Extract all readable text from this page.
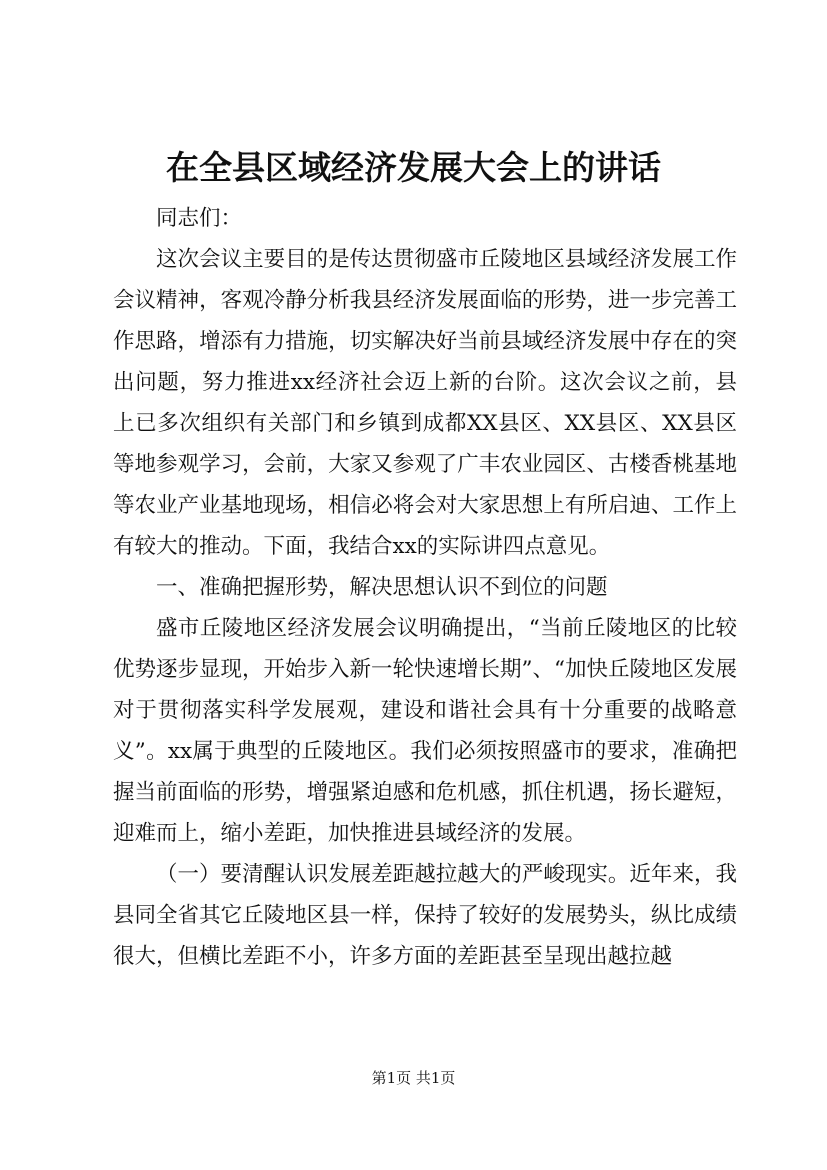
在全县区域经济发展大会上的讲话

同志们：

这次会议主要目的是传达贯彻盛市丘陵地区县域经济发展工作会议精神，客观冷静分析我县经济发展面临的形势，进一步完善工作思路，增添有力措施，切实解决好当前县域经济发展中存在的突出问题，努力推进xx经济社会迈上新的台阶。这次会议之前，县上已多次组织有关部门和乡镇到成都XX县区、XX县区、XX县区等地参观学习，会前，大家又参观了广丰农业园区、古楼香桃基地等农业产业基地现场，相信必将会对大家思想上有所启迪、工作上有较大的推动。下面，我结合xx的实际讲四点意见。

一、准确把握形势，解决思想认识不到位的问题

盛市丘陵地区经济发展会议明确提出，“当前丘陵地区的比较优势逐步显现，开始步入新一轮快速增长期”、“加快丘陵地区发展对于贯彻落实科学发展观，建设和谐社会具有十分重要的战略意义”。xx属于典型的丘陵地区。我们必须按照盛市的要求，准确把握当前面临的形势，增强紧迫感和危机感，抓住机遇，扬长避短，迎难而上，缩小差距，加快推进县域经济的发展。

（一）要清醒认识发展差距越拉越大的严峻现实。近年来，我县同全省其它丘陵地区县一样，保持了较好的发展势头，纵比成绩很大，但横比差距不小，许多方面的差距甚至呈现出越拉越

第1页 共1页
